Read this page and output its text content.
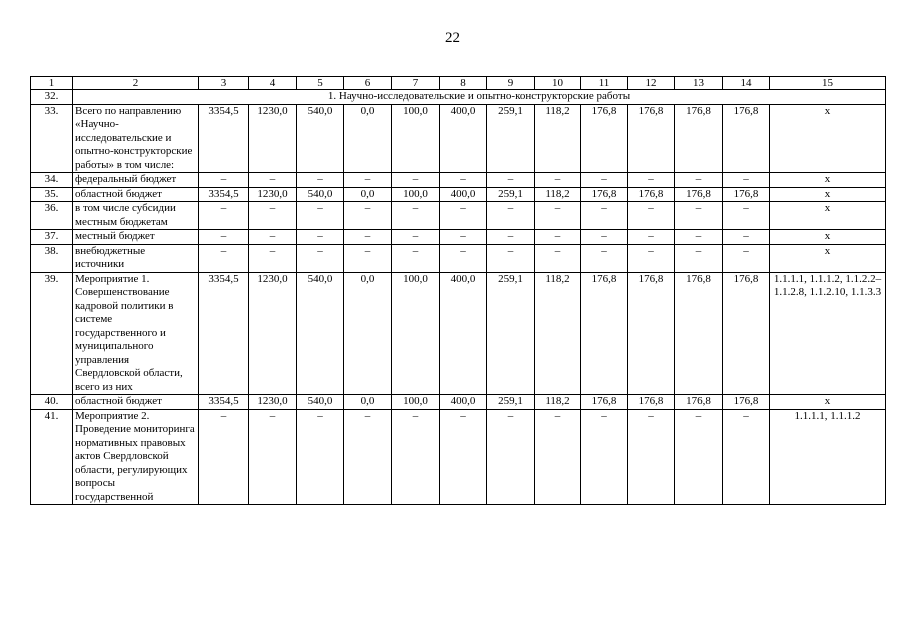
22
1	2	3	4	5	6	7	8	9	10	11	12	13	14	15
32.	1. Научно-исследовательские и опытно-конструкторские работы													
33.	Всего по направлению «Научно-исследовательские и опытно-конструкторские работы» в том числе:	3354,5	1230,0	540,0	0,0	100,0	400,0	259,1	118,2	176,8	176,8	176,8	176,8	x
34.	федеральный бюджет	–	–	–	–	–	–	–	–	–	–	–	–	x
35.	областной бюджет	3354,5	1230,0	540,0	0,0	100,0	400,0	259,1	118,2	176,8	176,8	176,8	176,8	x
36.	в том числе субсидии местным бюджетам	–	–	–	–	–	–	–	–	–	–	–	–	x
37.	местный бюджет	–	–	–	–	–	–	–	–	–	–	–	–	x
38.	внебюджетные источники	–	–	–	–	–	–	–	–	–	–	–	–	x
39.	Мероприятие 1. Совершенствование кадровой политики в системе государственного и муниципального управления Свердловской области, всего из них	3354,5	1230,0	540,0	0,0	100,0	400,0	259,1	118,2	176,8	176,8	176,8	176,8	1.1.1.1, 1.1.1.2, 1.1.2.2–1.1.2.8, 1.1.2.10, 1.1.3.3
40.	областной бюджет	3354,5	1230,0	540,0	0,0	100,0	400,0	259,1	118,2	176,8	176,8	176,8	176,8	x
41.	Мероприятие 2. Проведение мониторинга нормативных правовых актов Свердловской области, регулирующих вопросы государственной	–	–	–	–	–	–	–	–	–	–	–	–	1.1.1.1, 1.1.1.2
